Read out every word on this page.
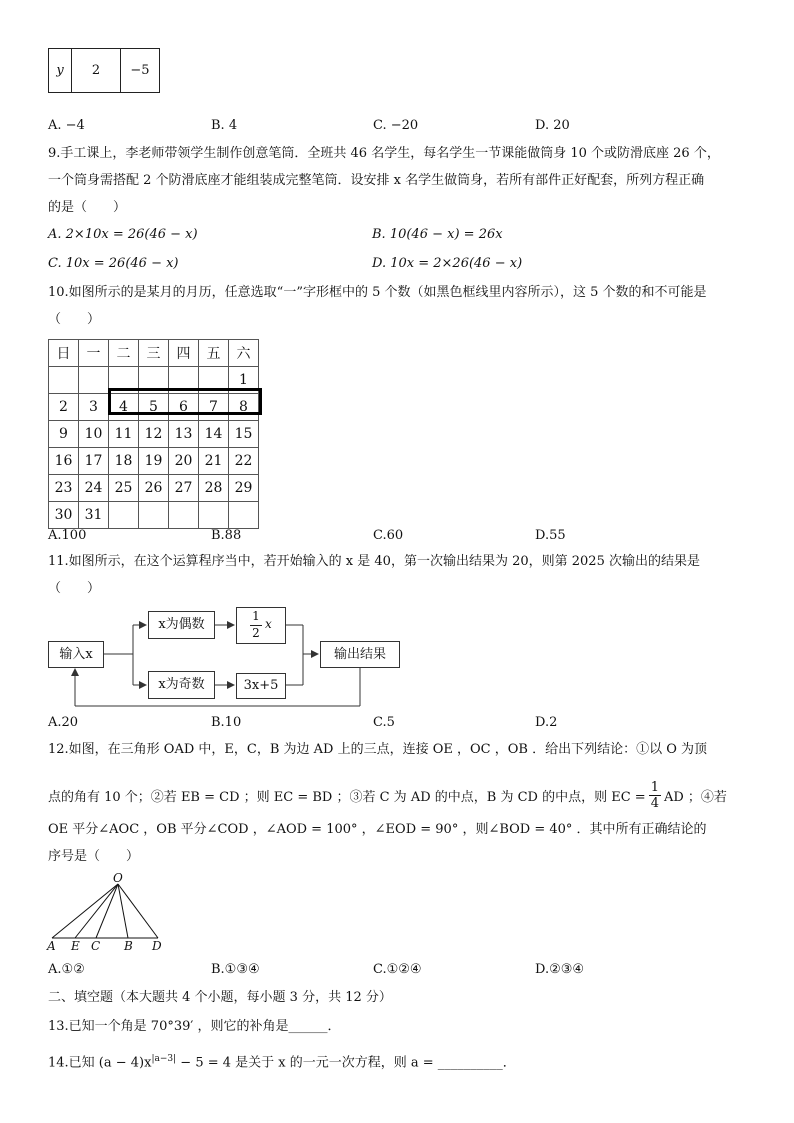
y	2	−5
A. −4	B. 4	C. −20	D. 20
9.手工课上，李老师带领学生制作创意笔筒．全班共 46 名学生，每名学生一节课能做筒身 10 个或防滑底座 26 个，
一个筒身需搭配 2 个防滑底座才能组装成完整笔筒．设安排 x 名学生做筒身，若所有部件正好配套，所列方程正确
的是（　　）
A. 2×10x = 26(46 − x)	B. 10(46 − x) = 26x
C. 10x = 26(46 − x)	D. 10x = 2×26(46 − x)
10.如图所示的是某月的月历，任意选取“一”字形框中的 5 个数（如黑色框线里内容所示），这 5 个数的和不可能是
（　　）
日	一	二	三	四	五	六
						1
2	3	4	5	6	7	8
9	10	11	12	13	14	15
16	17	18	19	20	21	22
23	24	25	26	27	28	29
30	31					
A.100	B.88	C.60	D.55
11.如图所示，在这个运算程序当中，若开始输入的 x 是 40，第一次输出结果为 20，则第 2025 次输出的结果是
（　　）
输入x
x为偶数
1
2
x
x为奇数	3x+5
输出结果
A.20	B.10	C.5	D.2
12.如图，在三角形 OAD 中，E，C，B 为边 AD 上的三点，连接 OE ，OC ，OB ．给出下列结论：①以 O 为顶
点的角有 10 个；②若 EB = CD ；则 EC = BD ；③若 C 为 AD 的中点，B 为 CD 的中点，则 EC = $\frac{1}{4}$ AD ；④若
OE 平分∠AOC ，OB 平分∠COD ，∠AOD = 100° ，∠EOD = 90° ，则∠BOD = 40° ．其中所有正确结论的
序号是（　　）
O
A E C B D
A.①②	B.①③④	C.①②④	D.②③④
二、填空题（本大题共 4 个小题，每小题 3 分，共 12 分）
13.已知一个角是 70°39′ ，则它的补角是______．
14.已知 $(a - 4)x^{|a-3|} - 5 = 4$ 是关于 x 的一元一次方程，则 a = __________．
